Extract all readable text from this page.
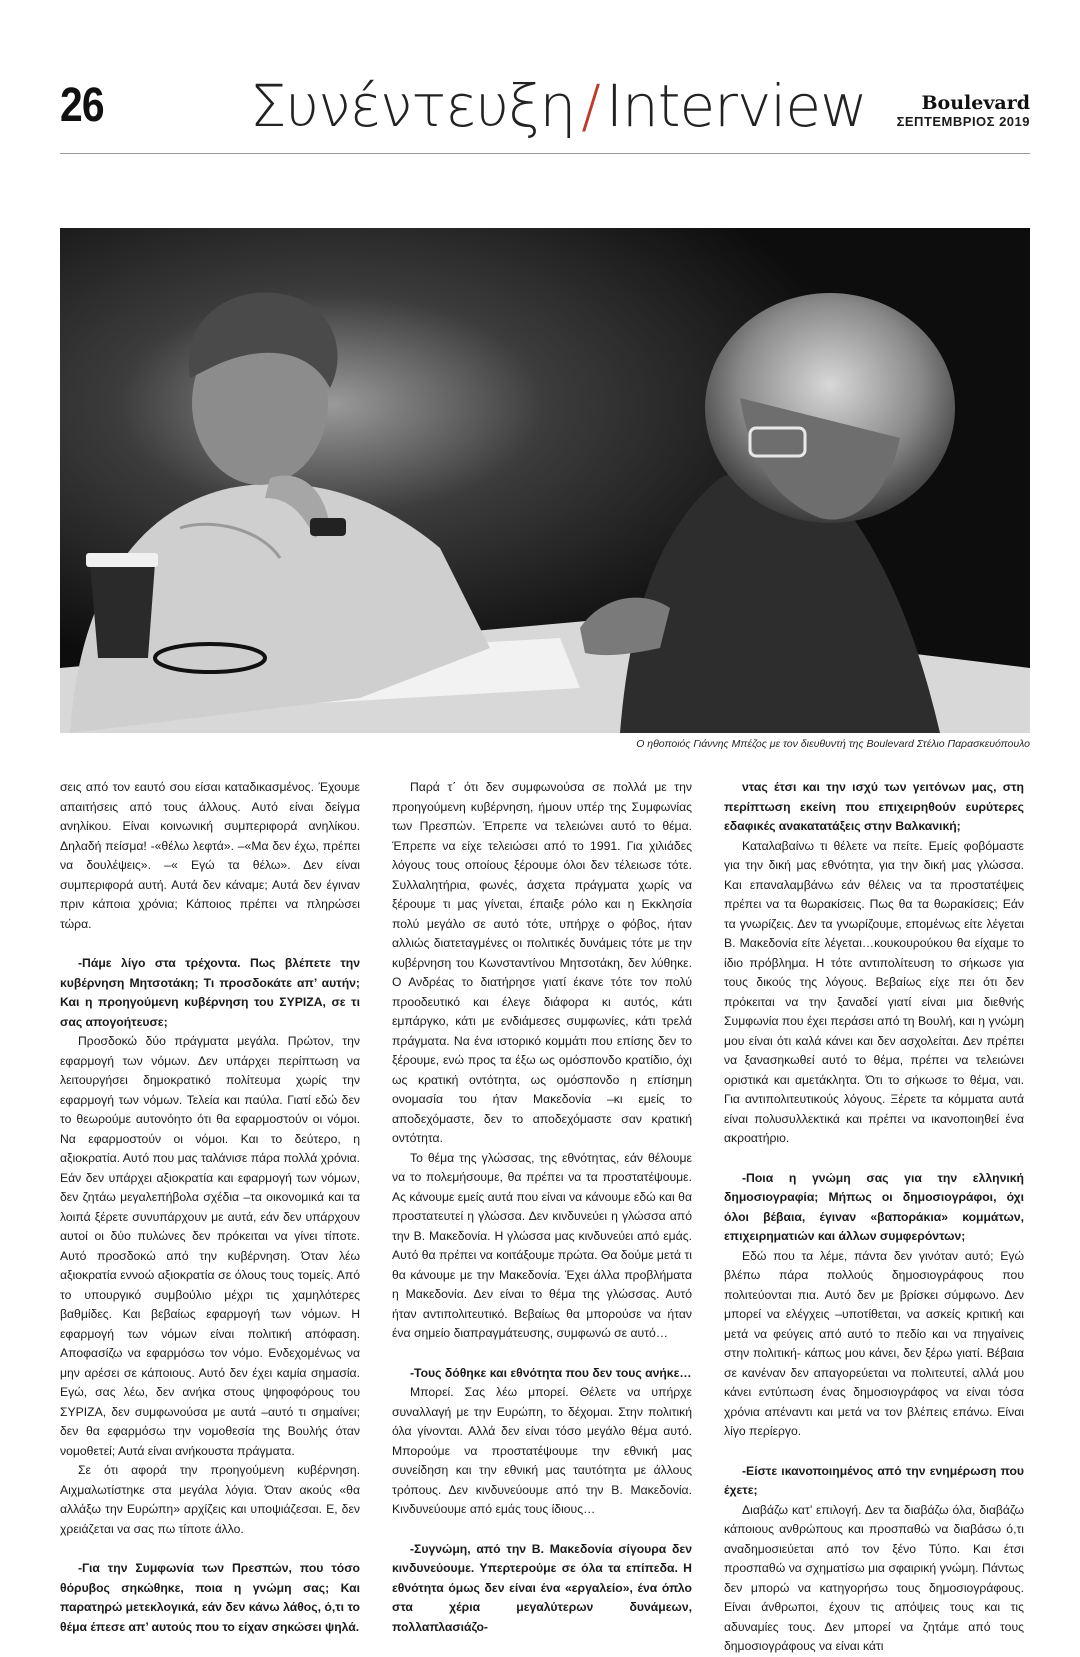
26	Συνέντευξη / Interview	Boulevard
ΣΕΠΤΕΜΒΡΙΟΣ 2019
Ο ηθοποιός Γιάννης Μπέζος με τον διευθυντή της Boulevard Στέλιο Παρασκευόπουλο

σεις από τον εαυτό σου είσαι καταδικασμένος. Έχουμε απαιτήσεις από τους άλλους. Αυτό είναι δείγμα ανηλίκου. Είναι κοινωνική συμπεριφορά ανηλίκου. Δηλαδή πείσμα! -«θέλω λεφτά». –«Μα δεν έχω, πρέπει να δουλέψεις». –« Εγώ τα θέλω». Δεν είναι συμπεριφορά αυτή. Αυτά δεν κάναμε; Αυτά δεν έγιναν πριν κάποια χρόνια; Κάποιος πρέπει να πληρώσει τώρα.

-Πάμε λίγο στα τρέχοντα. Πως βλέπετε την κυβέρνηση Μητσοτάκη; Τι προσδοκάτε απ’ αυτήν; Και η προηγούμενη κυβέρνηση του ΣΥΡΙΖΑ, σε τι σας απογοήτευσε;

Προσδοκώ δύο πράγματα μεγάλα. Πρώτον, την εφαρμογή των νόμων. Δεν υπάρχει περίπτωση να λειτουργήσει δημοκρατικό πολίτευμα χωρίς την εφαρμογή των νόμων. Τελεία και παύλα. Γιατί εδώ δεν το θεωρούμε αυτονόητο ότι θα εφαρμοστούν οι νόμοι. Να εφαρμοστούν οι νόμοι. Και το δεύτερο, η αξιοκρατία. Αυτό που μας ταλάνισε πάρα πολλά χρόνια. Εάν δεν υπάρχει αξιοκρατία και εφαρμογή των νόμων, δεν ζητάω μεγαλεπήβολα σχέδια –τα οικονομικά και τα λοιπά ξέρετε συνυπάρχουν με αυτά, εάν δεν υπάρχουν αυτοί οι δύο πυλώνες δεν πρόκειται να γίνει τίποτε. Αυτό προσδοκώ από την κυβέρνηση. Όταν λέω αξιοκρατία εννοώ αξιοκρατία σε όλους τους τομείς. Από το υπουργικό συμβούλιο μέχρι τις χαμηλότερες βαθμίδες. Και βεβαίως εφαρμογή των νόμων. Η εφαρμογή των νόμων είναι πολιτική απόφαση. Αποφασίζω να εφαρμόσω τον νόμο. Ενδεχομένως να μην αρέσει σε κάποιους. Αυτό δεν έχει καμία σημασία. Εγώ, σας λέω, δεν ανήκα στους ψηφοφόρους του ΣΥΡΙΖΑ, δεν συμφωνούσα με αυτά –αυτό τι σημαίνει; δεν θα εφαρμόσω την νομοθεσία της Βουλής όταν νομοθετεί; Αυτά είναι ανήκουστα πράγματα.

Σε ότι αφορά την προηγούμενη κυβέρνηση. Αιχμαλωτίστηκε στα μεγάλα λόγια. Όταν ακούς «θα αλλάξω την Ευρώπη» αρχίζεις και υποψιάζεσαι. Ε, δεν χρειάζεται να σας πω τίποτε άλλο.

-Για την Συμφωνία των Πρεσπών, που τόσο θόρυβος σηκώθηκε, ποια η γνώμη σας; Και παρατηρώ μετεκλογικά, εάν δεν κάνω λάθος, ό,τι το θέμα έπεσε απ’ αυτούς που το είχαν σηκώσει ψηλά.

Παρά τ΄ ότι δεν συμφωνούσα σε πολλά με την προηγούμενη κυβέρνηση, ήμουν υπέρ της Συμφωνίας των Πρεσπών. Έπρεπε να τελειώνει αυτό το θέμα. Έπρεπε να είχε τελειώσει από το 1991. Για χιλιάδες λόγους τους οποίους ξέρουμε όλοι δεν τέλειωσε τότε. Συλλαλητήρια, φωνές, άσχετα πράγματα χωρίς να ξέρουμε τι μας γίνεται, έπαιξε ρόλο και η Εκκλησία πολύ μεγάλο σε αυτό τότε, υπήρχε ο φόβος, ήταν αλλιώς διατεταγμένες οι πολιτικές δυνάμεις τότε με την κυβέρνηση του Κωνσταντίνου Μητσοτάκη, δεν λύθηκε. Ο Ανδρέας το διατήρησε γιατί έκανε τότε τον πολύ προοδευτικό και έλεγε διάφορα κι αυτός, κάτι εμπάργκο, κάτι με ενδιάμεσες συμφωνίες, κάτι τρελά πράγματα. Να ένα ιστορικό κομμάτι που επίσης δεν το ξέρουμε, ενώ προς τα έξω ως ομόσπονδο κρατίδιο, όχι ως κρατική οντότητα, ως ομόσπονδο η επίσημη ονομασία του ήταν Μακεδονία –κι εμείς το αποδεχόμαστε, δεν το αποδεχόμαστε σαν κρατική οντότητα.

Το θέμα της γλώσσας, της εθνότητας, εάν θέλουμε να το πολεμήσουμε, θα πρέπει να τα προστατέψουμε. Ας κάνουμε εμείς αυτά που είναι να κάνουμε εδώ και θα προστατευτεί η γλώσσα. Δεν κινδυνεύει η γλώσσα από την Β. Μακεδονία. Η γλώσσα μας κινδυνεύει από εμάς. Αυτό θα πρέπει να κοιτάξουμε πρώτα. Θα δούμε μετά τι θα κάνουμε με την Μακεδονία. Έχει άλλα προβλήματα η Μακεδονία. Δεν είναι το θέμα της γλώσσας. Αυτό ήταν αντιπολιτευτικό. Βεβαίως θα μπορούσε να ήταν ένα σημείο διαπραγμάτευσης, συμφωνώ σε αυτό…

-Τους δόθηκε και εθνότητα που δεν τους ανήκε…

Μπορεί. Σας λέω μπορεί. Θέλετε να υπήρχε συναλλαγή με την Ευρώπη, το δέχομαι. Στην πολιτική όλα γίνονται. Αλλά δεν είναι τόσο μεγάλο θέμα αυτό. Μπορούμε να προστατέψουμε την εθνική μας συνείδηση και την εθνική μας ταυτότητα με άλλους τρόπους. Δεν κινδυνεύουμε από την Β. Μακεδονία. Κινδυνεύουμε από εμάς τους ίδιους…

-Συγνώμη, από την Β. Μακεδονία σίγουρα δεν κινδυνεύουμε. Υπερτερούμε σε όλα τα επίπεδα. Η εθνότητα όμως δεν είναι ένα «εργαλείο», ένα όπλο στα χέρια μεγαλύτερων δυνάμεων, πολλαπλασιάζο-

ντας έτσι και την ισχύ των γειτόνων μας, στη περίπτωση εκείνη που επιχειρηθούν ευρύτερες εδαφικές ανακατατάξεις στην Βαλκανική;

Καταλαβαίνω τι θέλετε να πείτε. Εμείς φοβόμαστε για την δική μας εθνότητα, για την δική μας γλώσσα. Και επαναλαμβάνω εάν θέλεις να τα προστατέψεις πρέπει να τα θωρακίσεις. Πως θα τα θωρακίσεις; Εάν τα γνωρίζεις. Δεν τα γνωρίζουμε, επομένως είτε λέγεται Β. Μακεδονία είτε λέγεται…κουκουρούκου θα είχαμε το ίδιο πρόβλημα. Η τότε αντιπολίτευση το σήκωσε για τους δικούς της λόγους. Βεβαίως είχε πει ότι δεν πρόκειται να την ξαναδεί γιατί είναι μια διεθνής Συμφωνία που έχει περάσει από τη Βουλή, και η γνώμη μου είναι ότι καλά κάνει και δεν ασχολείται. Δεν πρέπει να ξανασηκωθεί αυτό το θέμα, πρέπει να τελειώνει οριστικά και αμετάκλητα. Ότι το σήκωσε το θέμα, ναι. Για αντιπολιτευτικούς λόγους. Ξέρετε τα κόμματα αυτά είναι πολυσυλλεκτικά και πρέπει να ικανοποιηθεί ένα ακροατήριο.

-Ποια η γνώμη σας για την ελληνική δημοσιογραφία; Μήπως οι δημοσιογράφοι, όχι όλοι βέβαια, έγιναν «βαποράκια» κομμάτων, επιχειρηματιών και άλλων συμφερόντων;

Εδώ που τα λέμε, πάντα δεν γινόταν αυτό; Εγώ βλέπω πάρα πολλούς δημοσιογράφους που πολιτεύονται πια. Αυτό δεν με βρίσκει σύμφωνο. Δεν μπορεί να ελέγχεις –υποτίθεται, να ασκείς κριτική και μετά να φεύγεις από αυτό το πεδίο και να πηγαίνεις στην πολιτική- κάπως μου κάνει, δεν ξέρω γιατί. Βέβαια σε κανέναν δεν απαγορεύεται να πολιτευτεί, αλλά μου κάνει εντύπωση ένας δημοσιογράφος να είναι τόσα χρόνια απέναντι και μετά να τον βλέπεις επάνω. Είναι λίγο περίεργο.

-Είστε ικανοποιημένος από την ενημέρωση που έχετε;

Διαβάζω κατ’ επιλογή. Δεν τα διαβάζω όλα, διαβάζω κάποιους ανθρώπους και προσπαθώ να διαβάσω ό,τι αναδημοσιεύεται από τον ξένο Τύπο. Και έτσι προσπαθώ να σχηματίσω μια σφαιρική γνώμη. Πάντως δεν μπορώ να κατηγορήσω τους δημοσιογράφους. Είναι άνθρωποι, έχουν τις απόψεις τους και τις αδυναμίες τους. Δεν μπορεί να ζητάμε από τους δημοσιογράφους να είναι κάτι
